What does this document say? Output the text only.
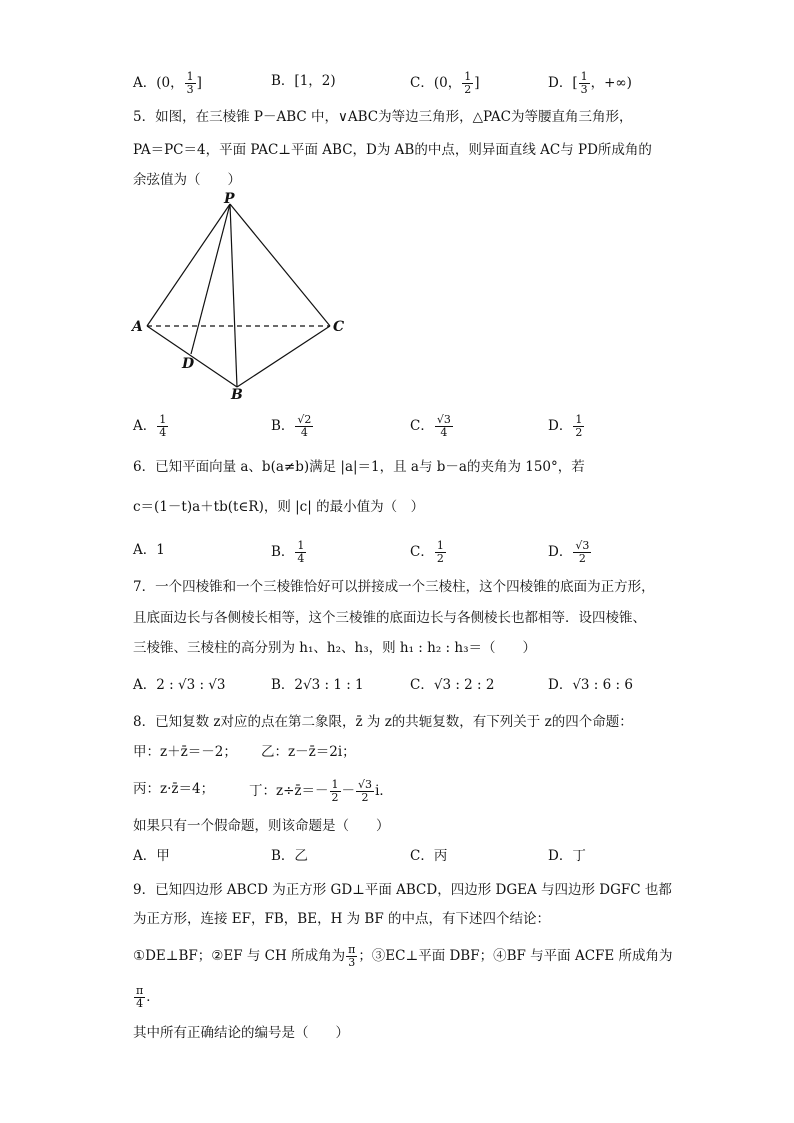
A．(0， $\frac{1}{3}$ ]	B．[1，2)	C．(0， $\frac{1}{2}$ ]	D．[ $\frac{1}{3}$ ，+∞)
5．如图，在三棱锥 P－ABC 中，∨ABC为等边三角形，△PAC为等腰直角三角形，
PA＝PC＝4，平面 PAC⊥平面 ABC，D为 AB的中点，则异面直线 AC与 PD所成角的
余弦值为（　　）
P
A	C
B
D
A． $\frac{1}{4}$	B． $\frac{√2}{4}$	C． $\frac{√3}{4}$	D． $\frac{1}{2}$
6．已知平面向量 a、b(a≠b)满足 |a|＝1，且 a与 b－a的夹角为 150°，若
c＝(1－t)a＋tb(t∈R)，则 |c| 的最小值为（　）
A．1	B． $\frac{1}{4}$	C． $\frac{1}{2}$	D． $\frac{√3}{2}$
7．一个四棱锥和一个三棱锥恰好可以拼接成一个三棱柱，这个四棱锥的底面为正方形，
且底面边长与各侧棱长相等，这个三棱锥的底面边长与各侧棱长也都相等．设四棱锥、
三棱锥、三棱柱的高分别为 h₁、h₂、h₃，则 h₁ : h₂ : h₃＝（　　）
A．2 : √3 : √3	B．2√3 : 1 : 1	C．√3 : 2 : 2	D．√3 : 6 : 6
8．已知复数 z对应的点在第二象限，z̄ 为 z的共轭复数，有下列关于 z的四个命题：
甲：z＋z̄＝－2； 乙：z－z̄＝2i；
丙：z·z̄＝4；	丁：z÷z̄＝－ $\frac{1}{2} - \frac{√3}{2}$ i．
如果只有一个假命题，则该命题是（　　）
A．甲	B．乙	C．丙	D．丁
9．已知四边形 ABCD 为正方形 GD⊥平面 ABCD，四边形 DGEA 与四边形 DGFC 也都
为正方形，连接 EF，FB，BE，H 为 BF 的中点，有下述四个结论：
①DE⊥BF；②EF 与 CH 所成角为 $\frac{\pi}{3}$ ；③EC⊥平面 DBF；④BF 与平面 ACFE 所成角为
$\frac{\pi}{4}$ ．
其中所有正确结论的编号是（　　）
